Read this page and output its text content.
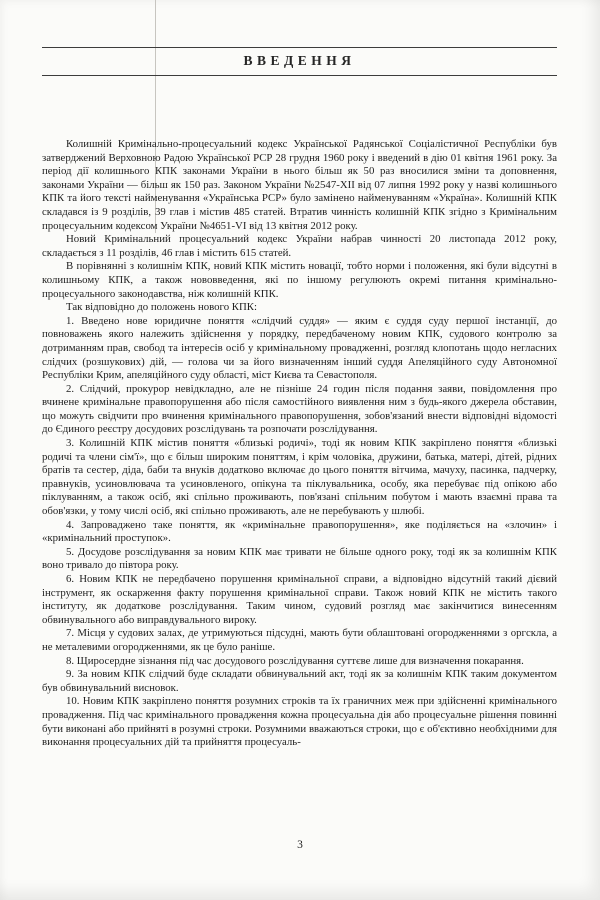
ВВЕДЕННЯ

Колишній Кримінально-процесуальний кодекс Української Радянської Соціалістичної Республіки був затверджений Верховною Радою Української РСР 28 грудня 1960 року і введений в дію 01 квітня 1961 року. За період дії колишнього КПК законами України в нього більш як 50 раз вносилися зміни та доповнення, законами України — більш як 150 раз. Законом України №2547-XII від 07 липня 1992 року у назві колишнього КПК та його тексті найменування «Українська РСР» було замінено найменуванням «Україна». Колишній КПК складався із 9 розділів, 39 глав і містив 485 статей. Втратив чинність колишній КПК згідно з Кримінальним процесуальним кодексом України №4651-VI від 13 квітня 2012 року.

Новий Кримінальний процесуальний кодекс України набрав чинності 20 листопада 2012 року, складається з 11 розділів, 46 глав і містить 615 статей.

В порівнянні з колишнім КПК, новий КПК містить новації, тобто норми і положення, які були відсутні в колишньому КПК, а також нововведення, які по іншому регулюють окремі питання кримінально-процесуального законодавства, ніж колишній КПК.

Так відповідно до положень нового КПК:

1. Введено нове юридичне поняття «слідчий суддя» — яким є суддя суду першої інстанції, до повноважень якого належить здійснення у порядку, передбаченому новим КПК, судового контролю за дотриманням прав, свобод та інтересів осіб у кримінальному провадженні, розгляд клопотань щодо негласних слідчих (розшукових) дій, — голова чи за його визначенням інший суддя Апеляційного суду Автономної Республіки Крим, апеляційного суду області, міст Києва та Севастополя.

2. Слідчий, прокурор невідкладно, але не пізніше 24 годин після подання заяви, повідомлення про вчинене кримінальне правопорушення або після самостійного виявлення ним з будь-якого джерела обставин, що можуть свідчити про вчинення кримінального правопорушення, зобов'язаний внести відповідні відомості до Єдиного реєстру досудових розслідувань та розпочати розслідування.

3. Колишній КПК містив поняття «близькі родичі», тоді як новим КПК закріплено поняття «близькі родичі та члени сім'ї», що є більш широким поняттям, і крім чоловіка, дружини, батька, матері, дітей, рідних братів та сестер, діда, баби та внуків додатково включає до цього поняття вітчима, мачуху, пасинка, падчерку, правнуків, усиновлювача та усиновленого, опікуна та піклувальника, особу, яка перебуває під опікою або піклуванням, а також осіб, які спільно проживають, пов'язані спільним побутом і мають взаємні права та обов'язки, у тому числі осіб, які спільно проживають, але не перебувають у шлюбі.

4. Запроваджено таке поняття, як «кримінальне правопорушення», яке поділяється на «злочин» і «кримінальний проступок».

5. Досудове розслідування за новим КПК має тривати не більше одного року, тоді як за колишнім КПК воно тривало до півтора року.

6. Новим КПК не передбачено порушення кримінальної справи, а відповідно відсутній такий дієвий інструмент, як оскарження факту порушення кримінальної справи. Також новий КПК не містить такого інституту, як додаткове розслідування. Таким чином, судовий розгляд має закінчитися винесенням обвинувального або виправдувального вироку.

7. Місця у судових залах, де утримуються підсудні, мають бути облаштовані огородженнями з оргскла, а не металевими огородженнями, як це було раніше.

8. Щиросердне зізнання під час досудового розслідування суттєве лише для визначення покарання.

9. За новим КПК слідчий буде складати обвинувальний акт, тоді як за колишнім КПК таким документом був обвинувальний висновок.

10. Новим КПК закріплено поняття розумних строків та їх граничних меж при здійсненні кримінального провадження. Під час кримінального провадження кожна процесуальна дія або процесуальне рішення повинні бути виконані або прийняті в розумні строки. Розумними вважаються строки, що є об'єктивно необхідними для виконання процесуальних дій та прийняття процесуаль-

3
